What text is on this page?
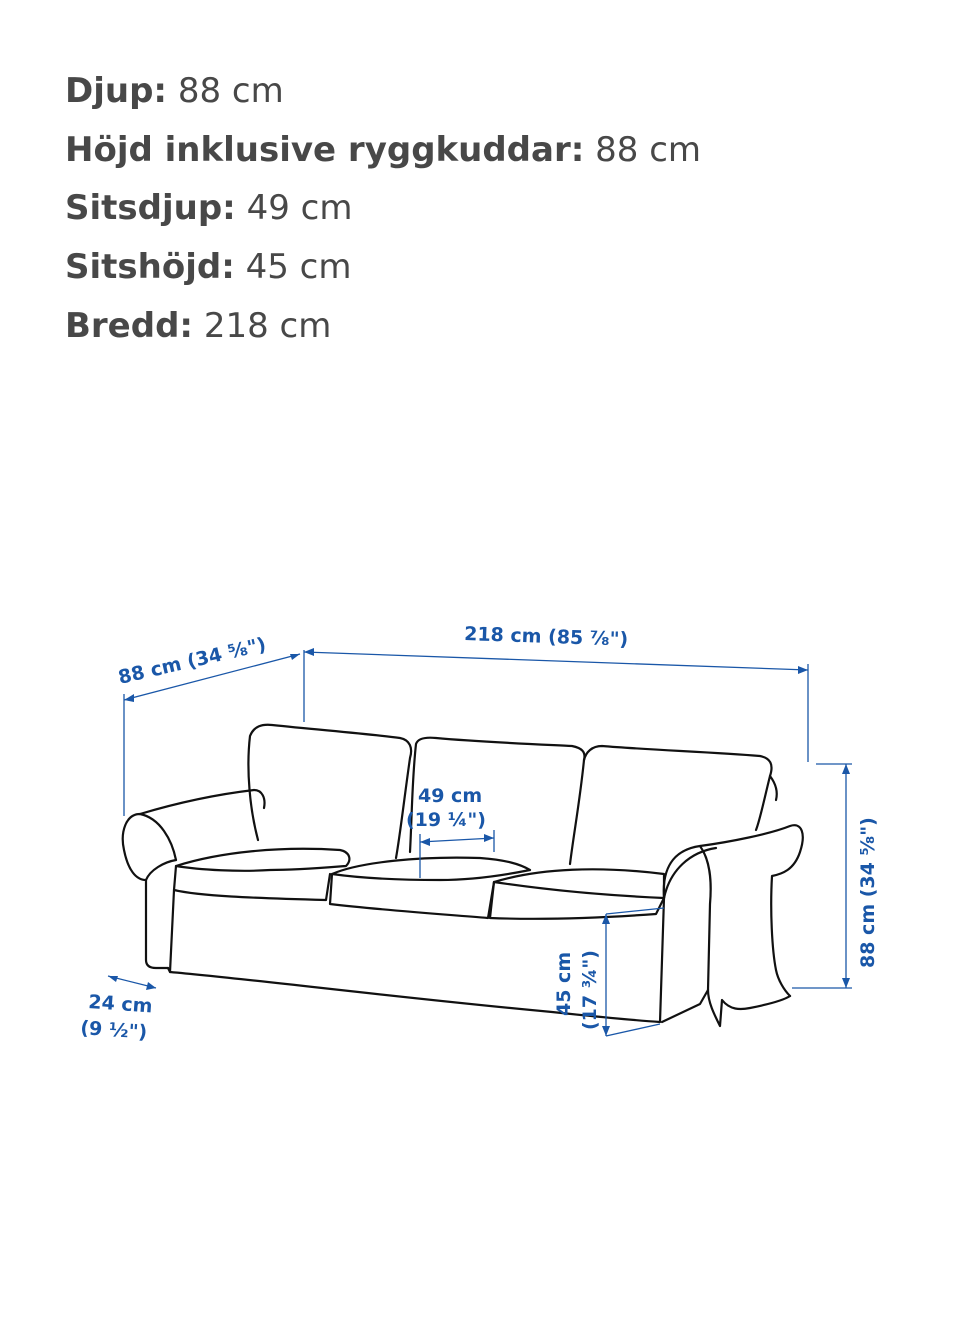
Djup: 88 cm
Höjd inklusive ryggkuddar: 88 cm
Sitsdjup: 49 cm
Sitshöjd: 45 cm
Bredd: 218 cm
88 cm (34 ⁵⁄₈")	218 cm (85 ⁷⁄₈")
49 cm
(19 ¼")	88 cm (34 ⁵⁄₈")
45 cm (17 ¾")
24 cm
(9 ½")
